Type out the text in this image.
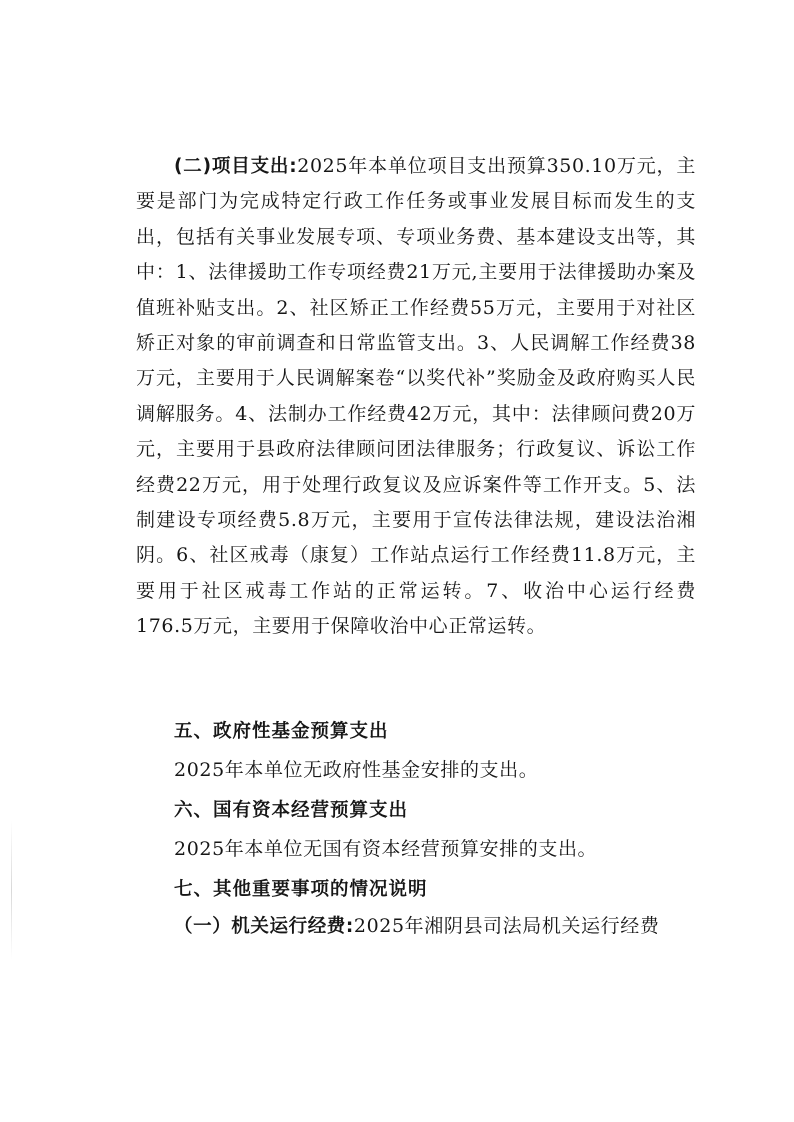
(二)项目支出:2025年本单位项目支出预算350.10万元，主要是部门为完成特定行政工作任务或事业发展目标而发生的支出，包括有关事业发展专项、专项业务费、基本建设支出等，其中：1、法律援助工作专项经费21万元,主要用于法律援助办案及值班补贴支出。2、社区矫正工作经费55万元，主要用于对社区矫正对象的审前调查和日常监管支出。3、人民调解工作经费38万元，主要用于人民调解案卷“以奖代补”奖励金及政府购买人民调解服务。4、法制办工作经费42万元，其中：法律顾问费20万元，主要用于县政府法律顾问团法律服务；行政复议、诉讼工作经费22万元，用于处理行政复议及应诉案件等工作开支。5、法制建设专项经费5.8万元，主要用于宣传法律法规，建设法治湘阴。6、社区戒毒（康复）工作站点运行工作经费11.8万元，主要用于社区戒毒工作站的正常运转。7、收治中心运行经费176.5万元，主要用于保障收治中心正常运转。

五、政府性基金预算支出

2025年本单位无政府性基金安排的支出。

六、国有资本经营预算支出

2025年本单位无国有资本经营预算安排的支出。

七、其他重要事项的情况说明

（一）机关运行经费:2025年湘阴县司法局机关运行经费
